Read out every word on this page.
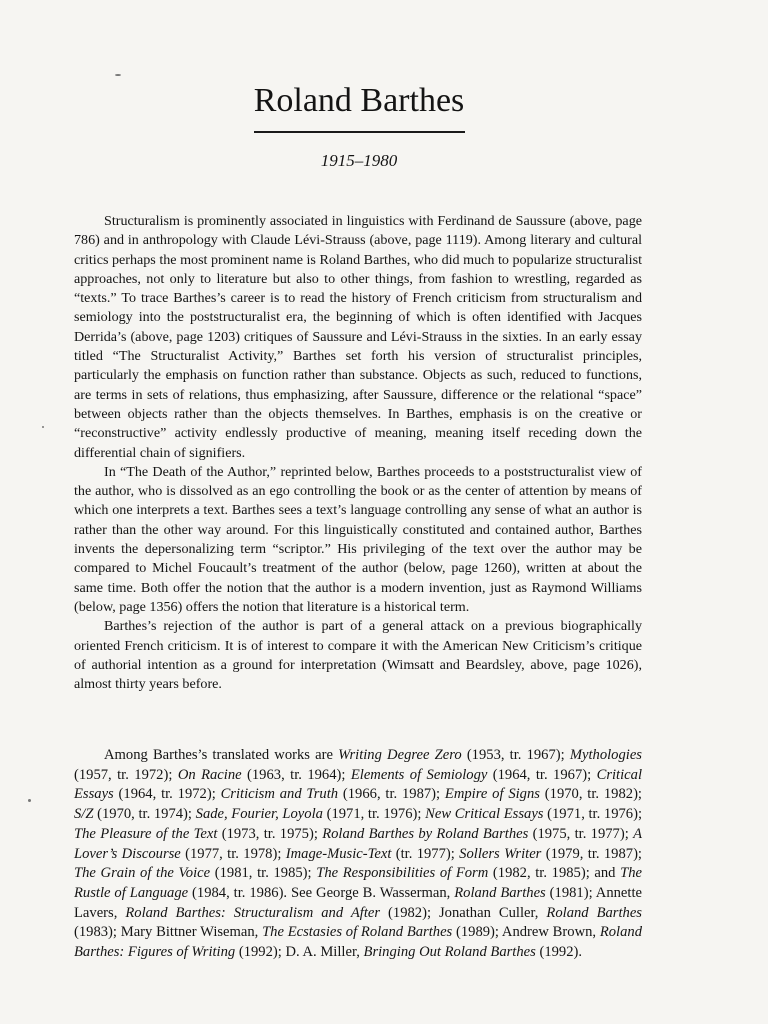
Roland Barthes
1915–1980

Structuralism is prominently associated in linguistics with Ferdinand de Saussure (above, page 786) and in anthropology with Claude Lévi-Strauss (above, page 1119). Among literary and cultural critics perhaps the most prominent name is Roland Barthes, who did much to popularize structuralist approaches, not only to literature but also to other things, from fashion to wrestling, regarded as “texts.” To trace Barthes’s career is to read the history of French criticism from structuralism and semiology into the poststructuralist era, the beginning of which is often identified with Jacques Derrida’s (above, page 1203) critiques of Saussure and Lévi-Strauss in the sixties. In an early essay titled “The Structuralist Activity,” Barthes set forth his version of structuralist principles, particularly the emphasis on function rather than substance. Objects as such, reduced to functions, are terms in sets of relations, thus emphasizing, after Saussure, difference or the relational “space” between objects rather than the objects themselves. In Barthes, emphasis is on the creative or “reconstructive” activity endlessly productive of meaning, meaning itself receding down the differential chain of signifiers.

In “The Death of the Author,” reprinted below, Barthes proceeds to a poststructuralist view of the author, who is dissolved as an ego controlling the book or as the center of attention by means of which one interprets a text. Barthes sees a text’s language controlling any sense of what an author is rather than the other way around. For this linguistically constituted and contained author, Barthes invents the depersonalizing term “scriptor.” His privileging of the text over the author may be compared to Michel Foucault’s treatment of the author (below, page 1260), written at about the same time. Both offer the notion that the author is a modern invention, just as Raymond Williams (below, page 1356) offers the notion that literature is a historical term.

Barthes’s rejection of the author is part of a general attack on a previous biographically oriented French criticism. It is of interest to compare it with the American New Criticism’s critique of authorial intention as a ground for interpretation (Wimsatt and Beardsley, above, page 1026), almost thirty years before.

Among Barthes’s translated works are Writing Degree Zero (1953, tr. 1967); Mythologies (1957, tr. 1972); On Racine (1963, tr. 1964); Elements of Semiology (1964, tr. 1967); Critical Essays (1964, tr. 1972); Criticism and Truth (1966, tr. 1987); Empire of Signs (1970, tr. 1982); S/Z (1970, tr. 1974); Sade, Fourier, Loyola (1971, tr. 1976); New Critical Essays (1971, tr. 1976); The Pleasure of the Text (1973, tr. 1975); Roland Barthes by Roland Barthes (1975, tr. 1977); A Lover’s Discourse (1977, tr. 1978); Image-Music-Text (tr. 1977); Sollers Writer (1979, tr. 1987); The Grain of the Voice (1981, tr. 1985); The Responsibilities of Form (1982, tr. 1985); and The Rustle of Language (1984, tr. 1986). See George B. Wasserman, Roland Barthes (1981); Annette Lavers, Roland Barthes: Structuralism and After (1982); Jonathan Culler, Roland Barthes (1983); Mary Bittner Wiseman, The Ecstasies of Roland Barthes (1989); Andrew Brown, Roland Barthes: Figures of Writing (1992); D. A. Miller, Bringing Out Roland Barthes (1992).
